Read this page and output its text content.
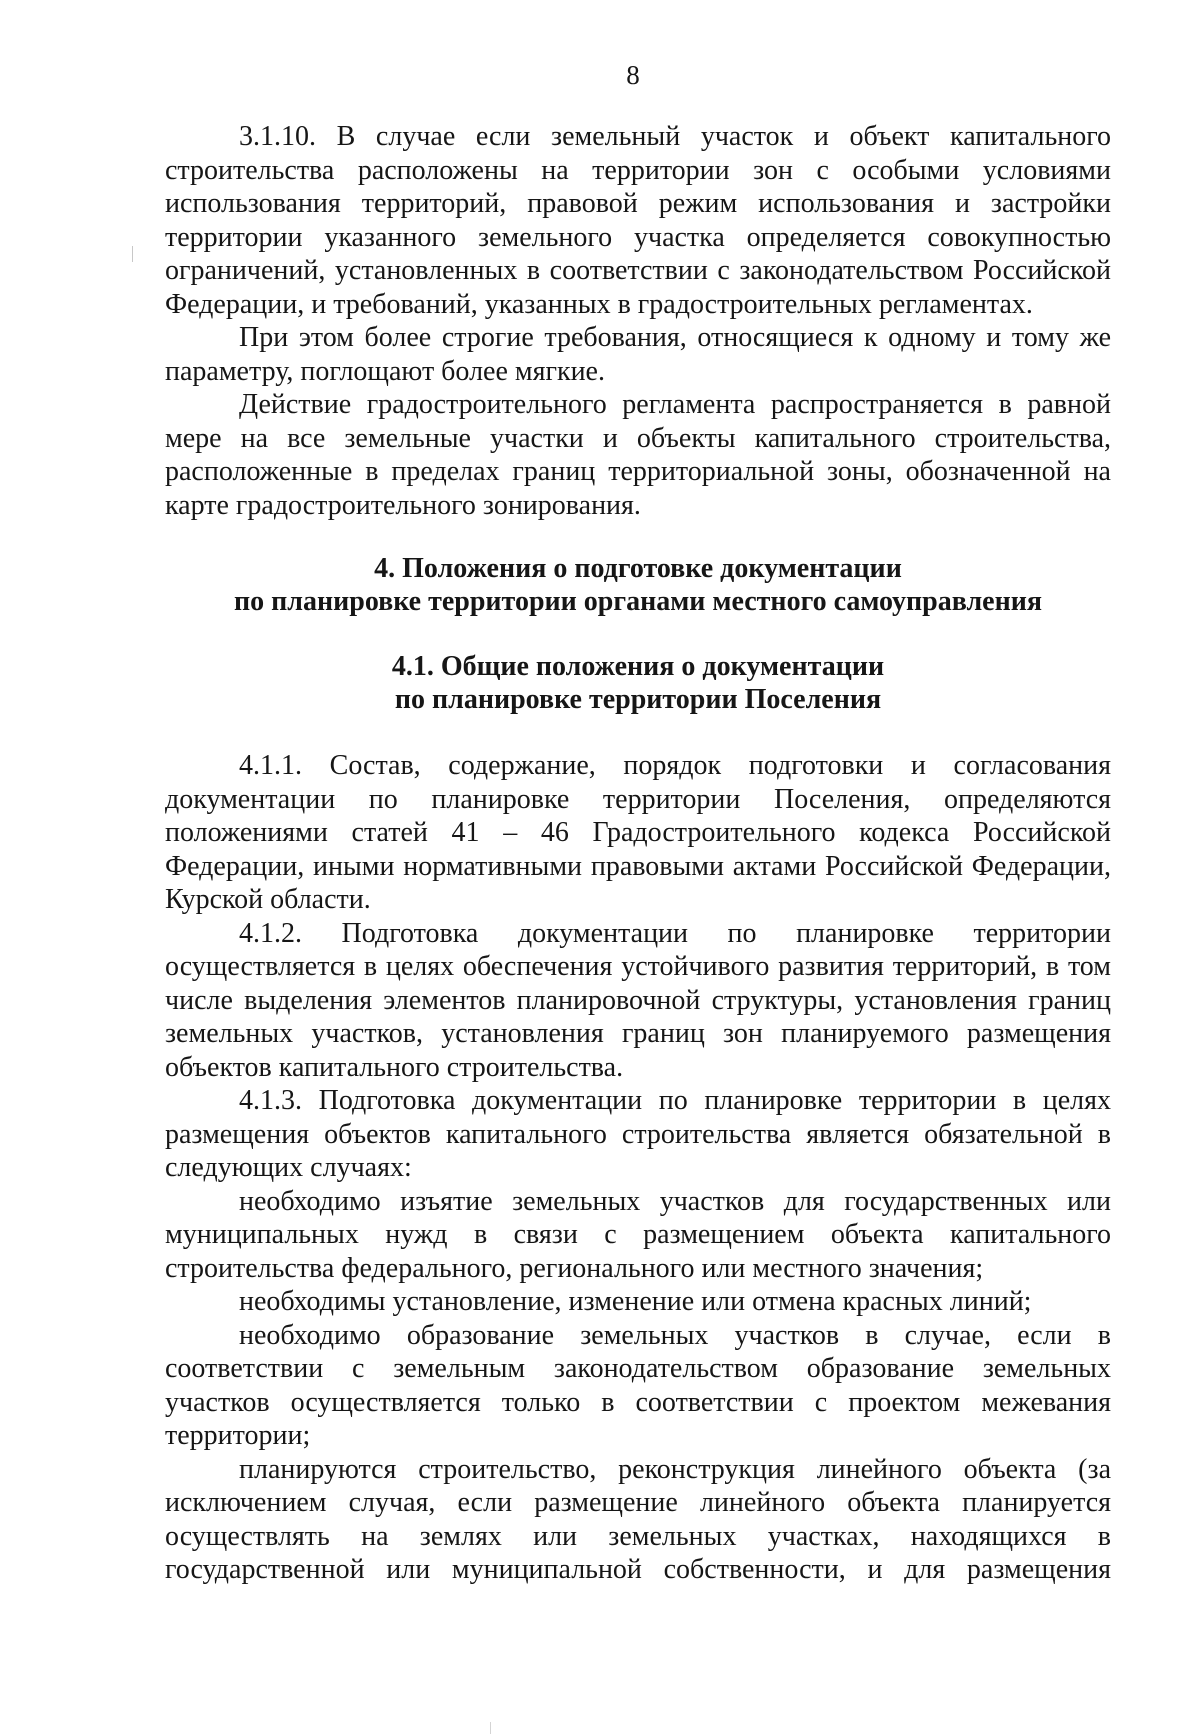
8

3.1.10. В случае если земельный участок и объект капитального строительства расположены на территории зон с особыми условиями использования территорий, правовой режим использования и застройки территории указанного земельного участка определяется совокупностью ограничений, установленных в соответствии с законодательством Российской Федерации, и требований, указанных в градостроительных регламентах.

При этом более строгие требования, относящиеся к одному и тому же параметру, поглощают более мягкие.

Действие градостроительного регламента распространяется в равной мере на все земельные участки и объекты капитального строительства, расположенные в пределах границ территориальной зоны, обозначенной на карте градостроительного зонирования.

4. Положения о подготовке документации
по планировке территории органами местного самоуправления
4.1. Общие положения о документации
по планировке территории Поселения

4.1.1. Состав, содержание, порядок подготовки и согласования документации по планировке территории Поселения, определяются положениями статей 41 – 46 Градостроительного кодекса Российской Федерации, иными нормативными правовыми актами Российской Федерации, Курской области.

4.1.2. Подготовка документации по планировке территории осуществляется в целях обеспечения устойчивого развития территорий, в том числе выделения элементов планировочной структуры, установления границ земельных участков, установления границ зон планируемого размещения объектов капитального строительства.

4.1.3. Подготовка документации по планировке территории в целях размещения объектов капитального строительства является обязательной в следующих случаях:

необходимо изъятие земельных участков для государственных или муниципальных нужд в связи с размещением объекта капитального строительства федерального, регионального или местного значения;

необходимы установление, изменение или отмена красных линий;

необходимо образование земельных участков в случае, если в соответствии с земельным законодательством образование земельных участков осуществляется только в соответствии с проектом межевания территории;

планируются строительство, реконструкция линейного объекта (за исключением случая, если размещение линейного объекта планируется осуществлять на землях или земельных участках, находящихся в государственной или муниципальной собственности, и для размещения
